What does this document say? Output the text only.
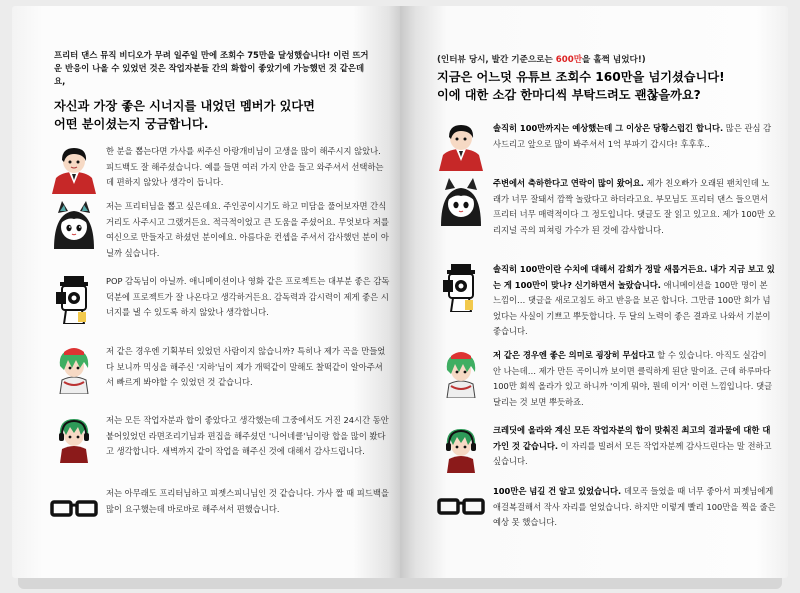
프리터 댄스 뮤직 비디오가 무려 일주일 만에 조회수 75만을 달성했습니다! 이런 뜨거운 반응이 나올 수 있었던 것은 작업자분들 간의 화합이 좋았기에 가능했던 것 같은데요,
자신과 가장 좋은 시너지를 내었던 멤버가 있다면
어떤 분이셨는지 궁금합니다.
한 분을 뽑는다면 가사를 써주신 아랑개비님이 고생을 많이 해주시지 않았나. 피드백도 잘 해주셨습니다. 예를 들면 여러 가지 안을 들고 와주셔서 선택하는 데 편하지 않았나 생각이 듭니다.
저는 프리터님을 뽑고 싶은데요. 주인공이시기도 하고 미담을 풀어보자면 간식거리도 사주시고 그랬거든요. 적극적이었고 큰 도움을 주셨어요. 무엇보다 저를 여신으로 만들자고 하셨던 분이에요. 아름다운 컨셉을 주셔서 감사했던 분이 아닐까 싶습니다.
POP 감독님이 아닐까. 애니메이션이나 영화 같은 프로젝트는 대부분 좋은 감독 덕분에 프로젝트가 잘 나온다고 생각하거든요. 감독력과 감시력이 제게 좋은 시너지를 낼 수 있도록 하지 않았나 생각합니다.
저 같은 경우엔 기획부터 있었던 사람이지 않습니까? 특히나 제가 곡을 만들었다 보니까 믹싱을 해주신 '지하'님이 제가 개떡같이 말해도 찰떡같이 알아주셔서 빠르게 봐야할 수 있었던 것 같습니다.
저는 모든 작업자분과 합이 좋았다고 생각했는데 그중에서도 거진 24시간 동안 붙어있었던 라면조리기님과 편집을 해주셨던 '니어네클'님이랑 합을 많이 봤다고 생각합니다. 새벽까지 같이 작업을 해주신 것에 대해서 감사드립니다.
저는 아무래도 프리터님하고 피젯스피니님인 것 같습니다. 가사 짤 때 피드백을 많이 요구했는데 바로바로 해주셔서 편했습니다.
(인터뷰 당시, 발간 기준으로는 600만을 훌쩍 넘었다!)
지금은 어느덧 유튜브 조회수 160만을 넘기셨습니다!
이에 대한 소감 한마디씩 부탁드려도 괜찮을까요?
솔직히 100만까지는 예상했는데 그 이상은 당황스럽긴 합니다. 많은 관심 감사드리고 앞으로 많이 봐주셔서 1억 부파기 갑시다! 후후후..
주변에서 축하한다고 연락이 많이 왔어요. 제가 친오빠가 오래된 팬치인데 노래가 너무 잘돼서 깜짝 놀랐다고 하더라고요. 부모님도 프리터 댄스 들으면서 프리터 너무 매력적이다 그 정도입니다. 댓글도 잘 읽고 있고요. 제가 100만 오리지널 곡의 피쳐링 가수가 된 것에 감사합니다.
솔직히 100만이란 수치에 대해서 감회가 정말 새롭거든요. 내가 지금 보고 있는 게 100만이 맞나? 신기하면서 놀랐습니다. 애니메이션을 100만 명이 본 느낌이… 댓글을 새로고침도 하고 반응을 보곤 합니다. 그만큼 100만 회가 넘었다는 사실이 기쁘고 뿌듯합니다. 두 달의 노력이 좋은 결과로 나와서 기분이 좋습니다.
저 같은 경우엔 좋은 의미로 굉장히 무섭다고 할 수 있습니다. 아직도 실감이 안 나는데… 제가 만든 곡이니까 보이면 클릭하게 된단 말이죠. 근데 하루마다 100만 회씩 올라가 있고 하니까 '이게 뭐야, 뭔데 이거' 이런 느낌입니다. 댓글 달리는 것 보면 뿌듯하죠.
크레딧에 올라와 계신 모든 작업자분의 합이 맞춰진 최고의 결과물에 대한 대가인 것 같습니다. 이 자리를 빌려서 모든 작업자분께 감사드린다는 말 전하고 싶습니다.
100만은 넘길 건 알고 있었습니다. 데모곡 들었을 때 너무 좋아서 피젯님에게 애걸복걸해서 작사 자리를 얻었습니다. 하지만 이렇게 빨리 100만을 찍을 줄은 예상 못 했습니다.
